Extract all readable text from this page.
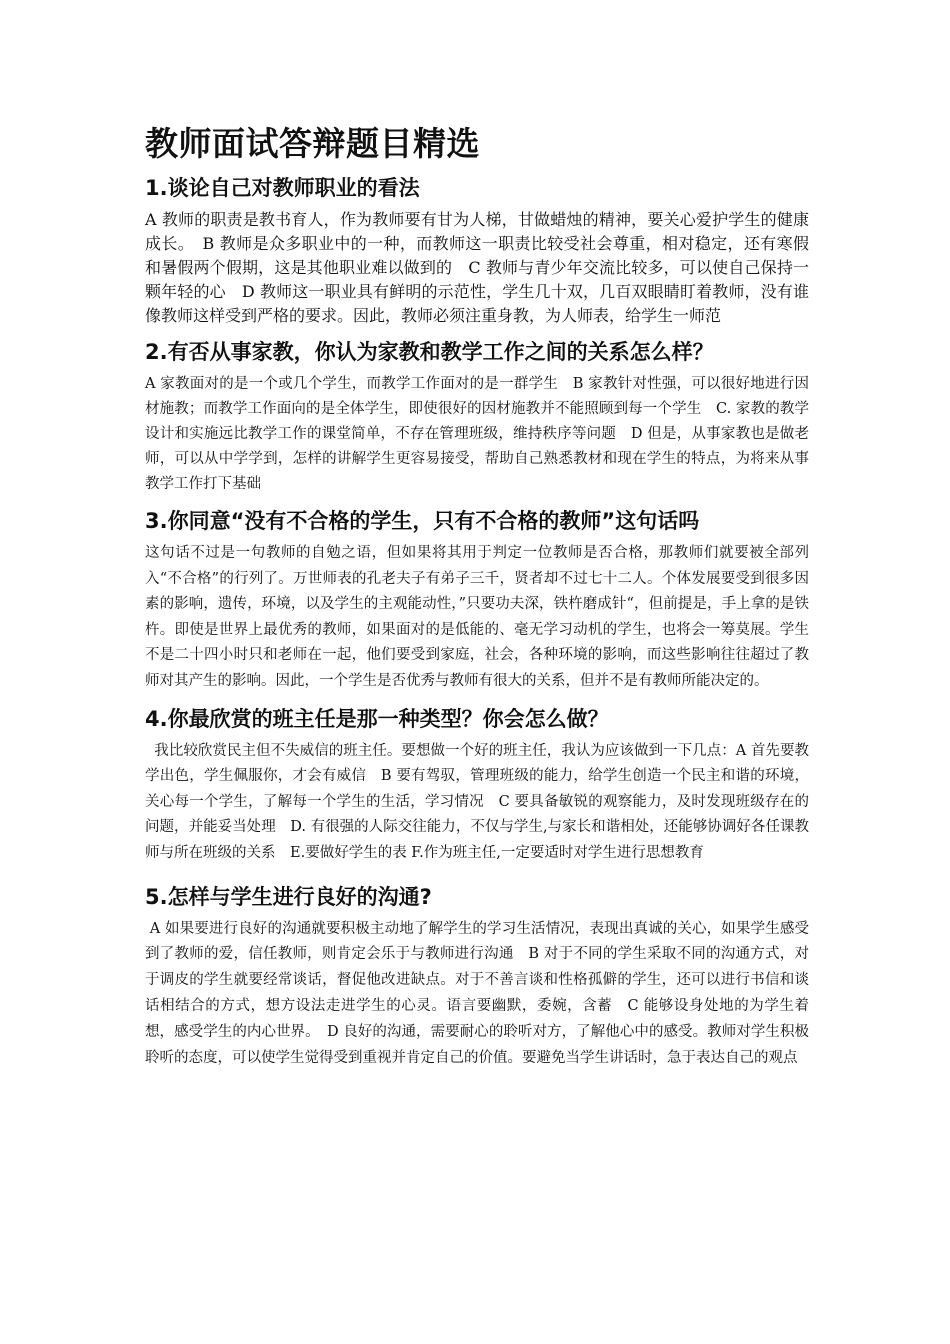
教师面试答辩题目精选
1.谈论自己对教师职业的看法

A 教师的职责是教书育人，作为教师要有甘为人梯，甘做蜡烛的精神，要关心爱护学生的健康成长。　B 教师是众多职业中的一种，而教师这一职责比较受社会尊重，相对稳定，还有寒假和暑假两个假期，这是其他职业难以做到的　C 教师与青少年交流比较多，可以使自己保持一颗年轻的心　D 教师这一职业具有鲜明的示范性，学生几十双，几百双眼睛盯着教师，没有谁像教师这样受到严格的要求。因此，教师必须注重身教，为人师表，给学生一师范

2.有否从事家教，你认为家教和教学工作之间的关系怎么样？

A 家教面对的是一个或几个学生，而教学工作面对的是一群学生　B 家教针对性强，可以很好地进行因材施教；而教学工作面向的是全体学生，即使很好的因材施教并不能照顾到每一个学生　C. 家教的教学设计和实施远比教学工作的课堂简单，不存在管理班级，维持秩序等问题　D 但是，从事家教也是做老师，可以从中学学到，怎样的讲解学生更容易接受，帮助自己熟悉教材和现在学生的特点，为将来从事教学工作打下基础

3.你同意“没有不合格的学生，只有不合格的教师”这句话吗

这句话不过是一句教师的自勉之语，但如果将其用于判定一位教师是否合格，那教师们就要被全部列入“不合格”的行列了。万世师表的孔老夫子有弟子三千，贤者却不过七十二人。个体发展要受到很多因素的影响，遗传，环境，以及学生的主观能动性，”只要功夫深，铁杵磨成针“，但前提是，手上拿的是铁杵。即使是世界上最优秀的教师，如果面对的是低能的、毫无学习动机的学生，也将会一筹莫展。学生不是二十四小时只和老师在一起，他们要受到家庭，社会，各种环境的影响，而这些影响往往超过了教师对其产生的影响。因此，一个学生是否优秀与教师有很大的关系，但并不是有教师所能决定的。

4.你最欣赏的班主任是那一种类型？你会怎么做？

我比较欣赏民主但不失威信的班主任。要想做一个好的班主任，我认为应该做到一下几点：A 首先要教学出色，学生佩服你，才会有威信　B 要有驾驭，管理班级的能力，给学生创造一个民主和谐的环境，关心每一个学生，了解每一个学生的生活，学习情况　C 要具备敏锐的观察能力，及时发现班级存在的问题，并能妥当处理　D. 有很强的人际交往能力，不仅与学生,与家长和谐相处，还能够协调好各任课教师与所在班级的关系　E.要做好学生的表 F.作为班主任,一定要适时对学生进行思想教育

5.怎样与学生进行良好的沟通?

A 如果要进行良好的沟通就要积极主动地了解学生的学习生活情况，表现出真诚的关心，如果学生感受到了教师的爱，信任教师，则肯定会乐于与教师进行沟通　B 对于不同的学生采取不同的沟通方式，对于调皮的学生就要经常谈话，督促他改进缺点。对于不善言谈和性格孤僻的学生，还可以进行书信和谈话相结合的方式，想方设法走进学生的心灵。语言要幽默，委婉，含蓄　C 能够设身处地的为学生着想，感受学生的内心世界。　D 良好的沟通，需要耐心的聆听对方，了解他心中的感受。教师对学生积极聆听的态度，可以使学生觉得受到重视并肯定自己的价值。要避免当学生讲话时，急于表达自己的观点
